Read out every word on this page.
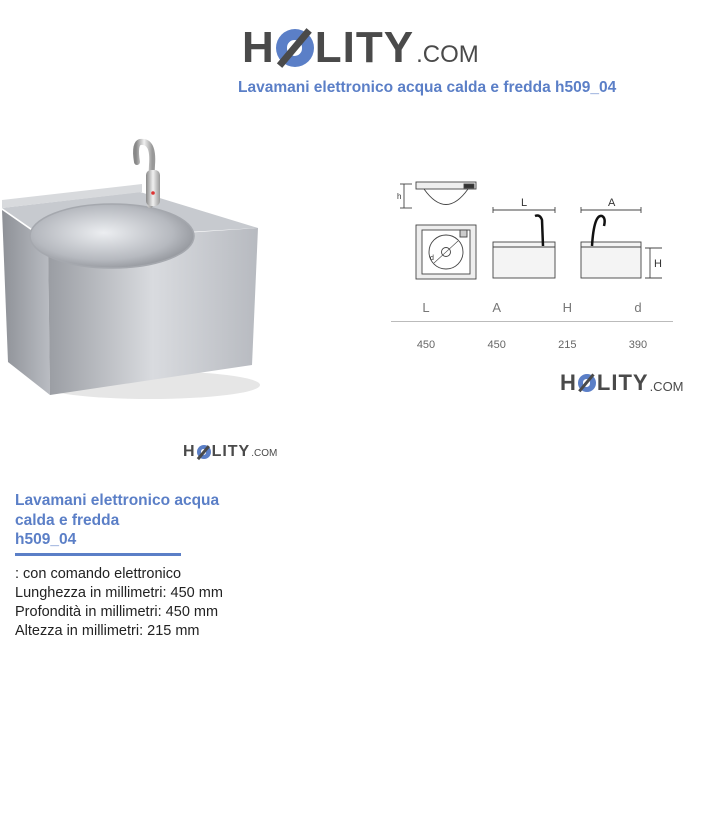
H LITY .COM
Lavamani elettronico acqua calda e fredda h509_04
h
L	A
H
d
L	A	H	d
450	450	215	390
H LITY .COM
H LITY .COM
Lavamani elettronico acqua
calda e fredda
h509_04
: con comando elettronico
Lunghezza in millimetri: 450 mm
Profondità in millimetri: 450 mm
Altezza in millimetri: 215 mm
